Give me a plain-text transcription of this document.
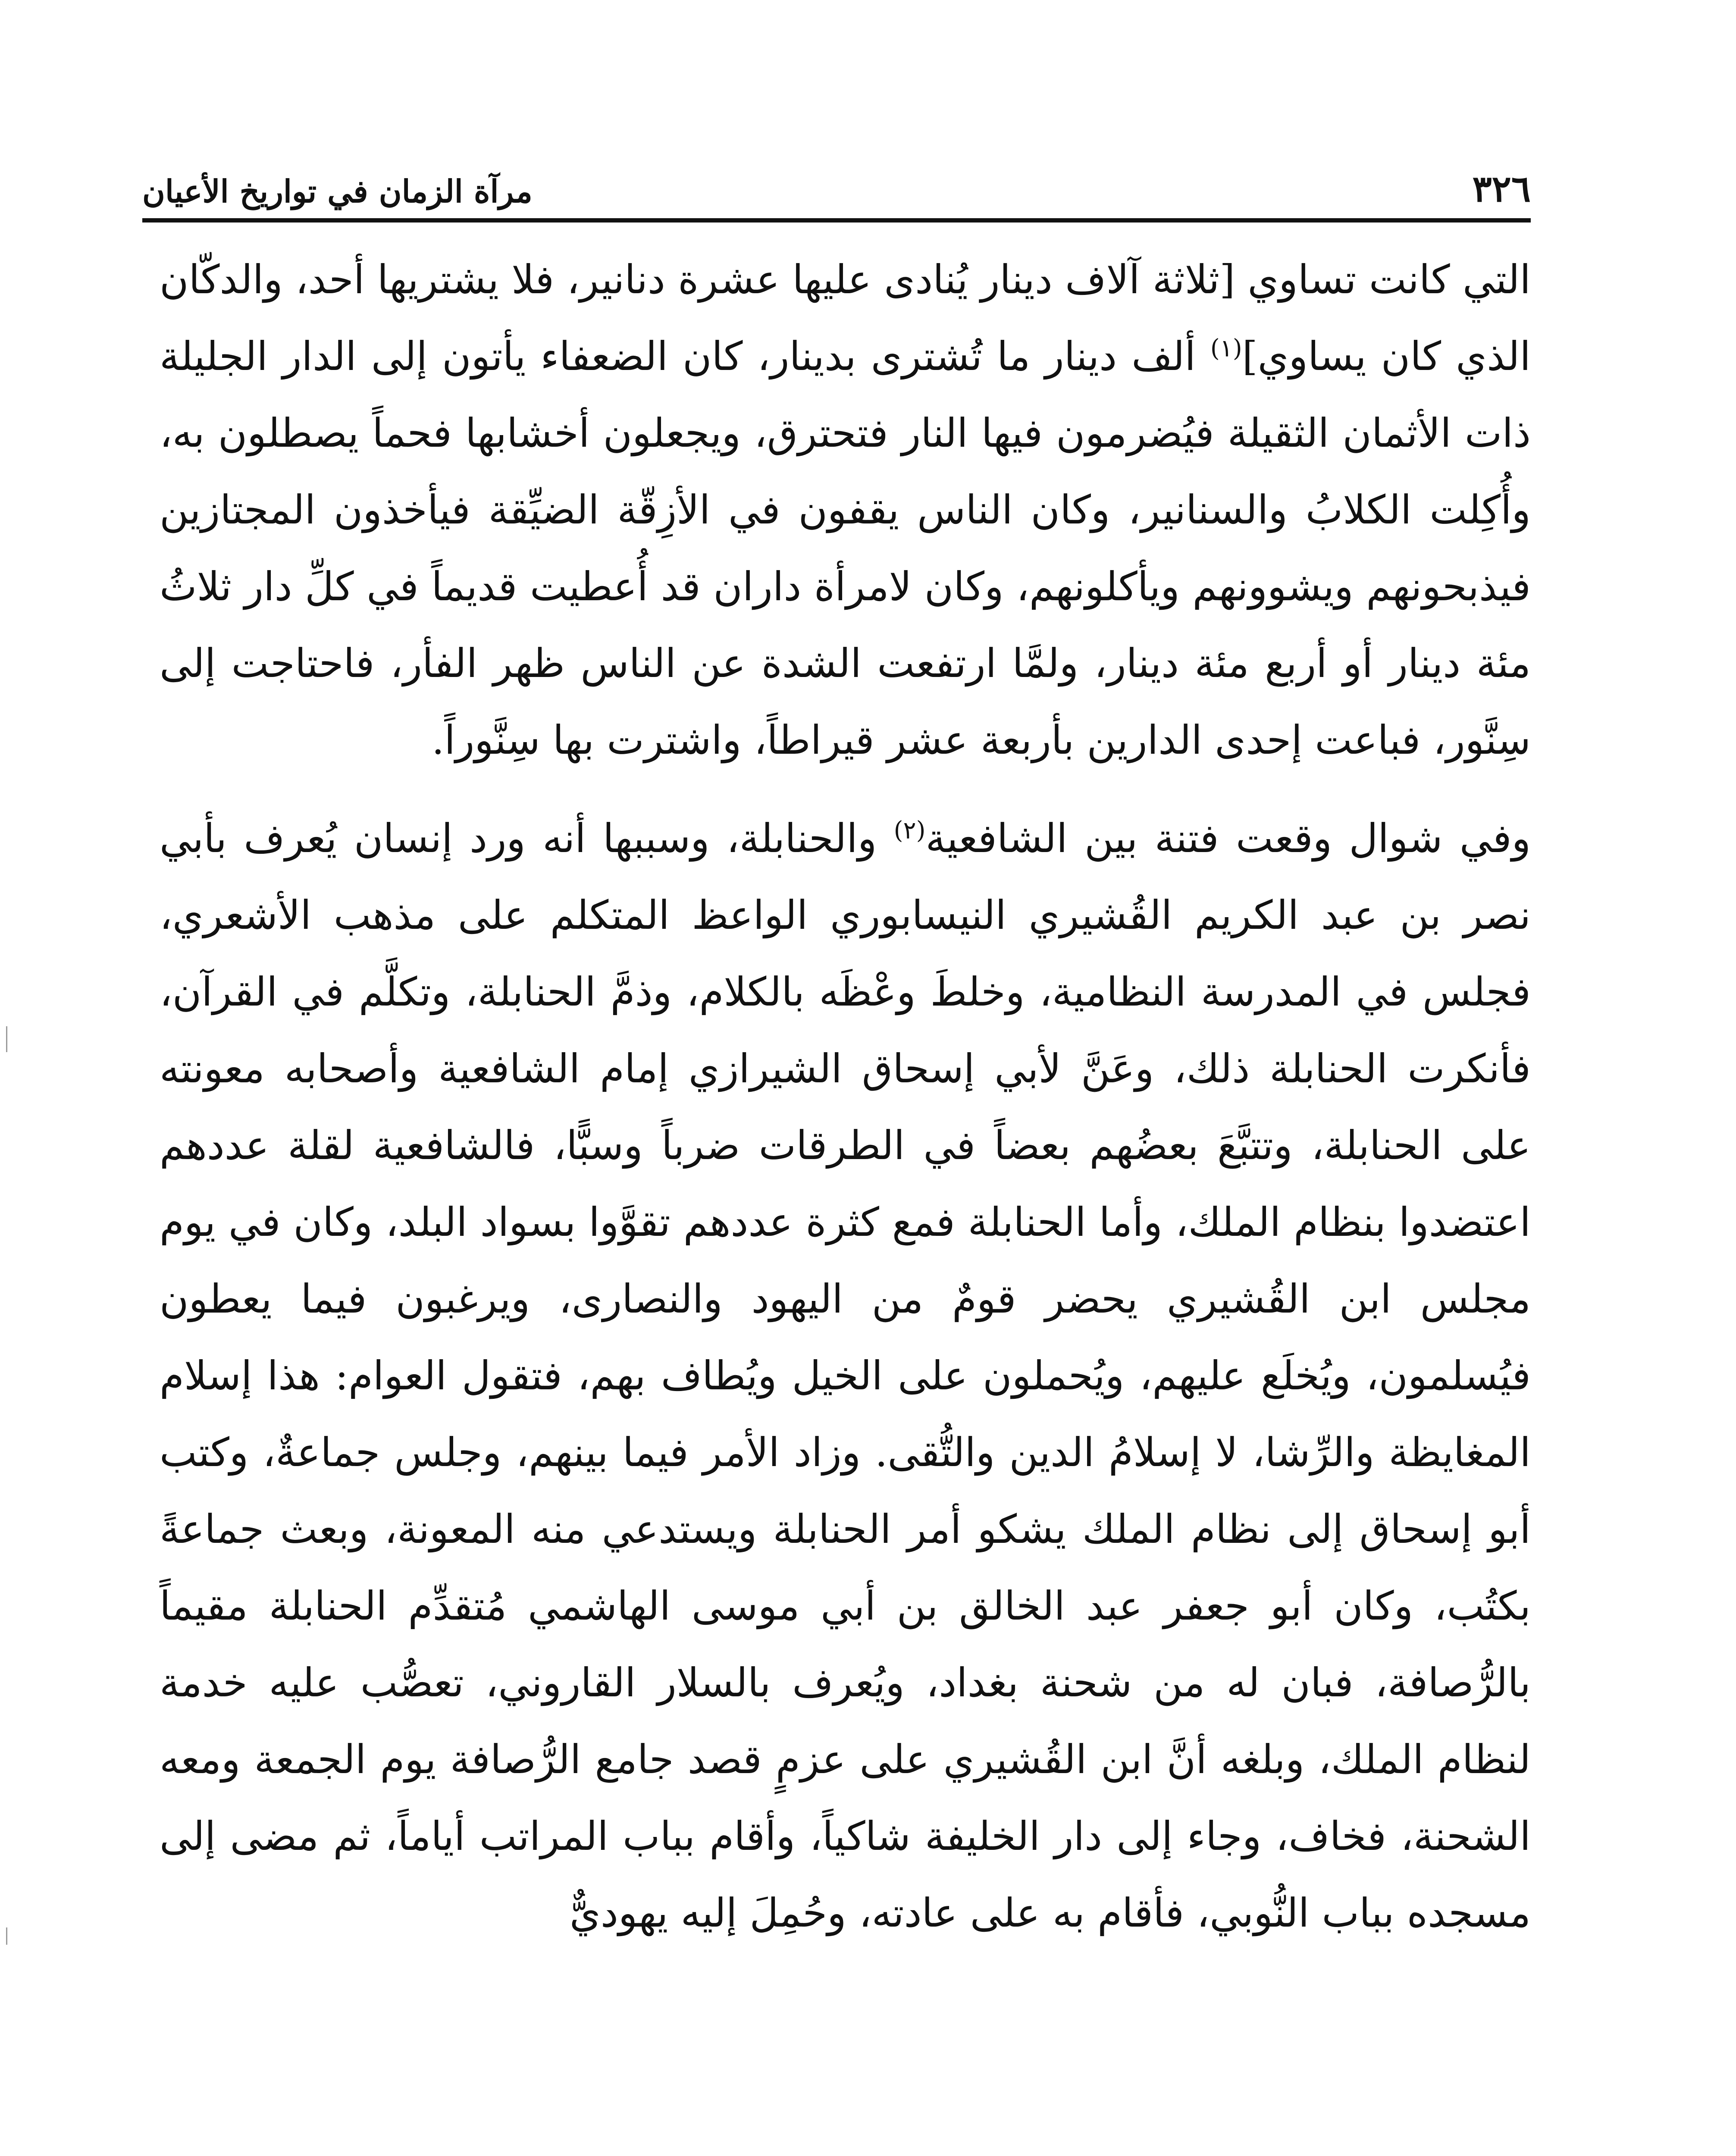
٣٢٦
مرآة الزمان في تواريخ الأعيان

التي كانت تساوي [ثلاثة آلاف دينار يُنادى عليها عشرة دنانير، فلا يشتريها أحد، والدكّان الذي كان يساوي]$^{(١)}$ ألف دينار ما تُشترى بدينار، كان الضعفاء يأتون إلى الدار الجليلة ذات الأثمان الثقيلة فيُضرمون فيها النار فتحترق، ويجعلون أخشابها فحماً يصطلون به، وأُكِلت الكلابُ والسنانير، وكان الناس يقفون في الأزِقّة الضيِّقة فيأخذون المجتازين فيذبحونهم ويشوونهم ويأكلونهم، وكان لامرأة داران قد أُعطيت قديماً في كلِّ دار ثلاثُ مئة دينار أو أربع مئة دينار، ولمَّا ارتفعت الشدة عن الناس ظهر الفأر، فاحتاجت إلى سِنَّور، فباعت إحدى الدارين بأربعة عشر قيراطاً، واشترت بها سِنَّوراً.

وفي شوال وقعت فتنة بين الشافعية$^{(٢)}$ والحنابلة، وسببها أنه ورد إنسان يُعرف بأبي نصر بن عبد الكريم القُشيري النيسابوري الواعظ المتكلم على مذهب الأشعري، فجلس في المدرسة النظامية، وخلطَ وعْظَه بالكلام، وذمَّ الحنابلة، وتكلَّم في القرآن، فأنكرت الحنابلة ذلك، وعَنَّ لأبي إسحاق الشيرازي إمام الشافعية وأصحابه معونته على الحنابلة، وتتبَّعَ بعضُهم بعضاً في الطرقات ضرباً وسبًّا، فالشافعية لقلة عددهم اعتضدوا بنظام الملك، وأما الحنابلة فمع كثرة عددهم تقوَّوا بسواد البلد، وكان في يوم مجلس ابن القُشيري يحضر قومٌ من اليهود والنصارى، ويرغبون فيما يعطون فيُسلمون، ويُخلَع عليهم، ويُحملون على الخيل ويُطاف بهم، فتقول العوام: هذا إسلام المغايظة والرِّشا، لا إسلامُ الدين والتُّقى. وزاد الأمر فيما بينهم، وجلس جماعةٌ، وكتب أبو إسحاق إلى نظام الملك يشكو أمر الحنابلة ويستدعي منه المعونة، وبعث جماعةً بكتُب، وكان أبو جعفر عبد الخالق بن أبي موسى الهاشمي مُتقدِّم الحنابلة مقيماً بالرُّصافة، فبان له من شحنة بغداد، ويُعرف بالسلار القاروني، تعصُّب عليه خدمة لنظام الملك، وبلغه أنَّ ابن القُشيري على عزمٍ قصد جامع الرُّصافة يوم الجمعة ومعه الشحنة، فخاف، وجاء إلى دار الخليفة شاكياً، وأقام بباب المراتب أياماً، ثم مضى إلى مسجده بباب النُّوبي، فأقام به على عادته، وحُمِلَ إليه يهوديٌّ
